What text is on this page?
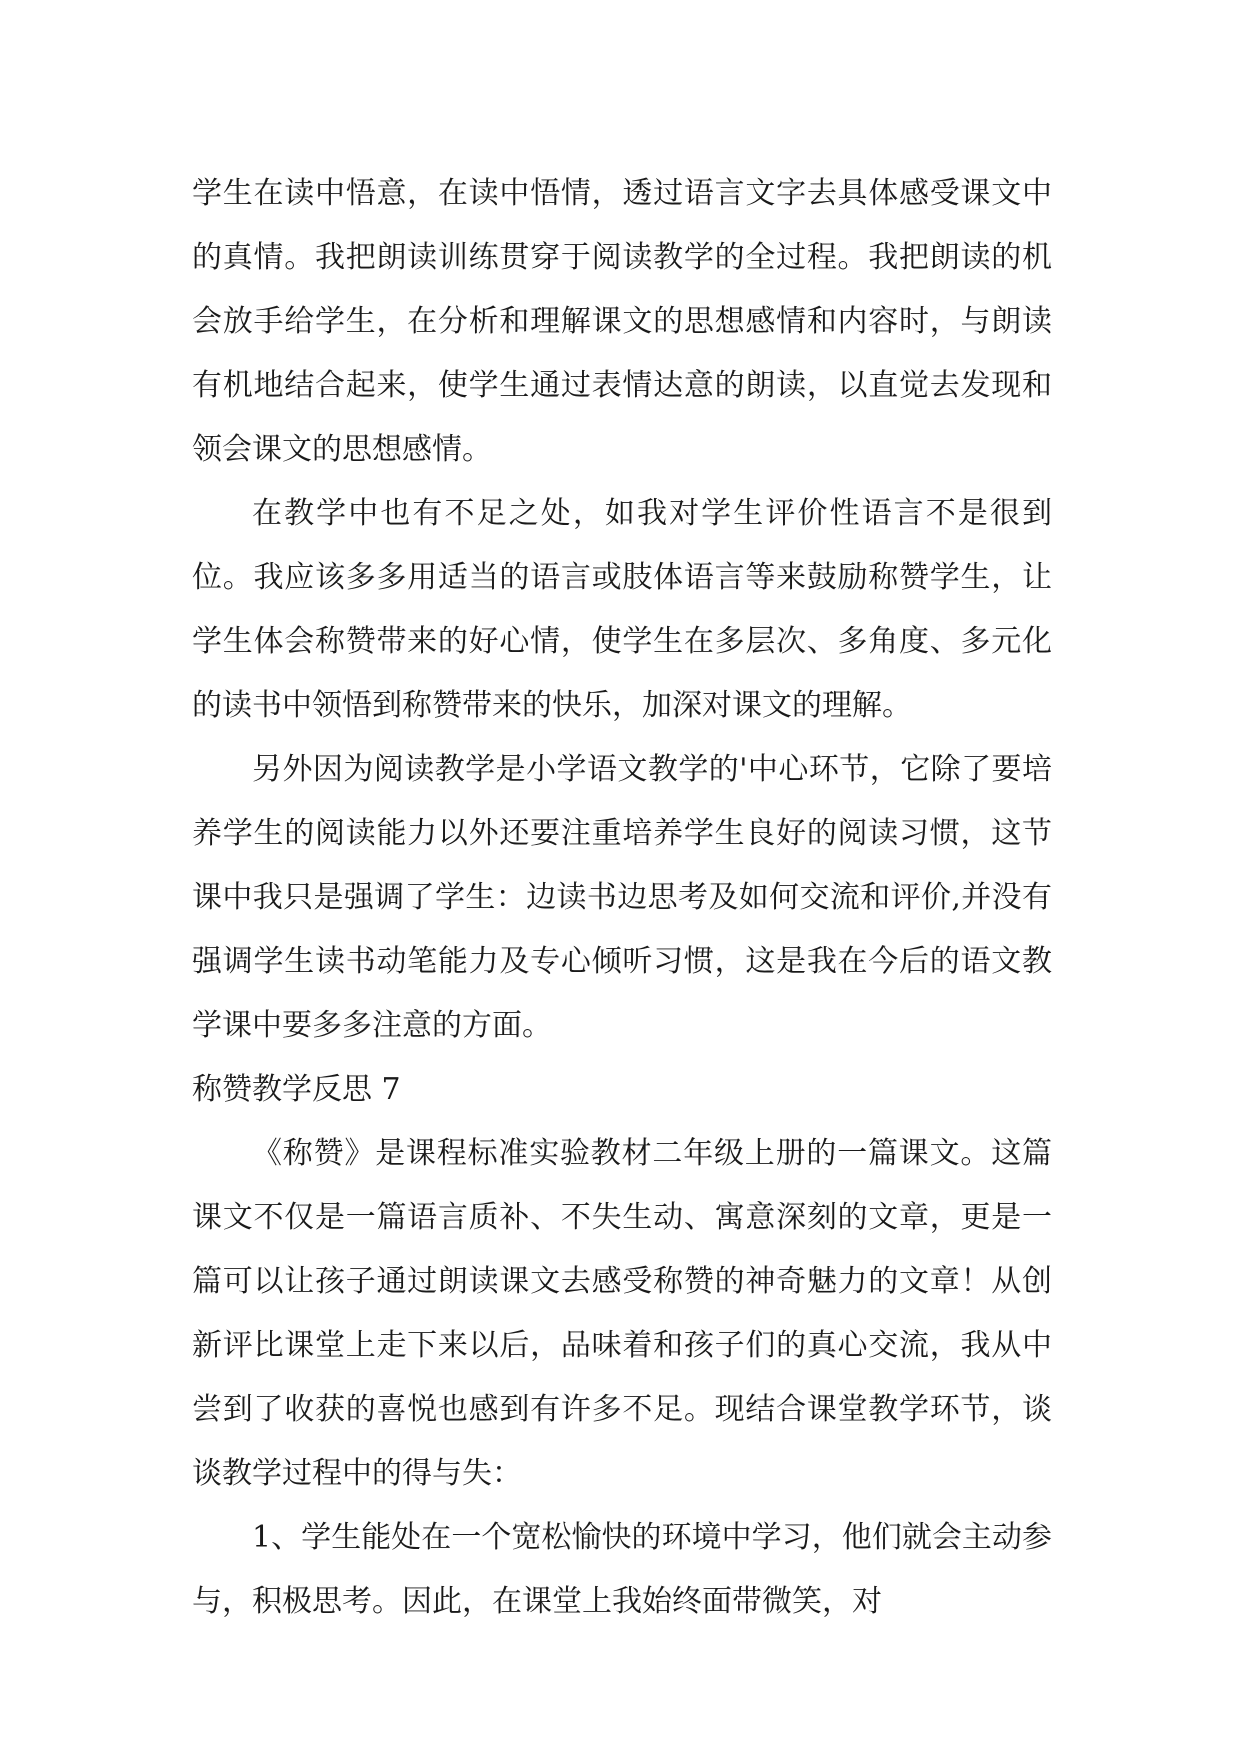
学生在读中悟意，在读中悟情，透过语言文字去具体感受课文中的真情。我把朗读训练贯穿于阅读教学的全过程。我把朗读的机会放手给学生，在分析和理解课文的思想感情和内容时，与朗读有机地结合起来，使学生通过表情达意的朗读，以直觉去发现和领会课文的思想感情。

在教学中也有不足之处，如我对学生评价性语言不是很到位。我应该多多用适当的语言或肢体语言等来鼓励称赞学生，让学生体会称赞带来的好心情，使学生在多层次、多角度、多元化的读书中领悟到称赞带来的快乐，加深对课文的理解。

另外因为阅读教学是小学语文教学的'中心环节，它除了要培养学生的阅读能力以外还要注重培养学生良好的阅读习惯，这节课中我只是强调了学生：边读书边思考及如何交流和评价,并没有强调学生读书动笔能力及专心倾听习惯，这是我在今后的语文教学课中要多多注意的方面。

称赞教学反思 7

《称赞》是课程标准实验教材二年级上册的一篇课文。这篇课文不仅是一篇语言质补、不失生动、寓意深刻的文章，更是一篇可以让孩子通过朗读课文去感受称赞的神奇魅力的文章！从创新评比课堂上走下来以后，品味着和孩子们的真心交流，我从中尝到了收获的喜悦也感到有许多不足。现结合课堂教学环节，谈谈教学过程中的得与失：

1、学生能处在一个宽松愉快的环境中学习，他们就会主动参与，积极思考。因此，在课堂上我始终面带微笑，对
